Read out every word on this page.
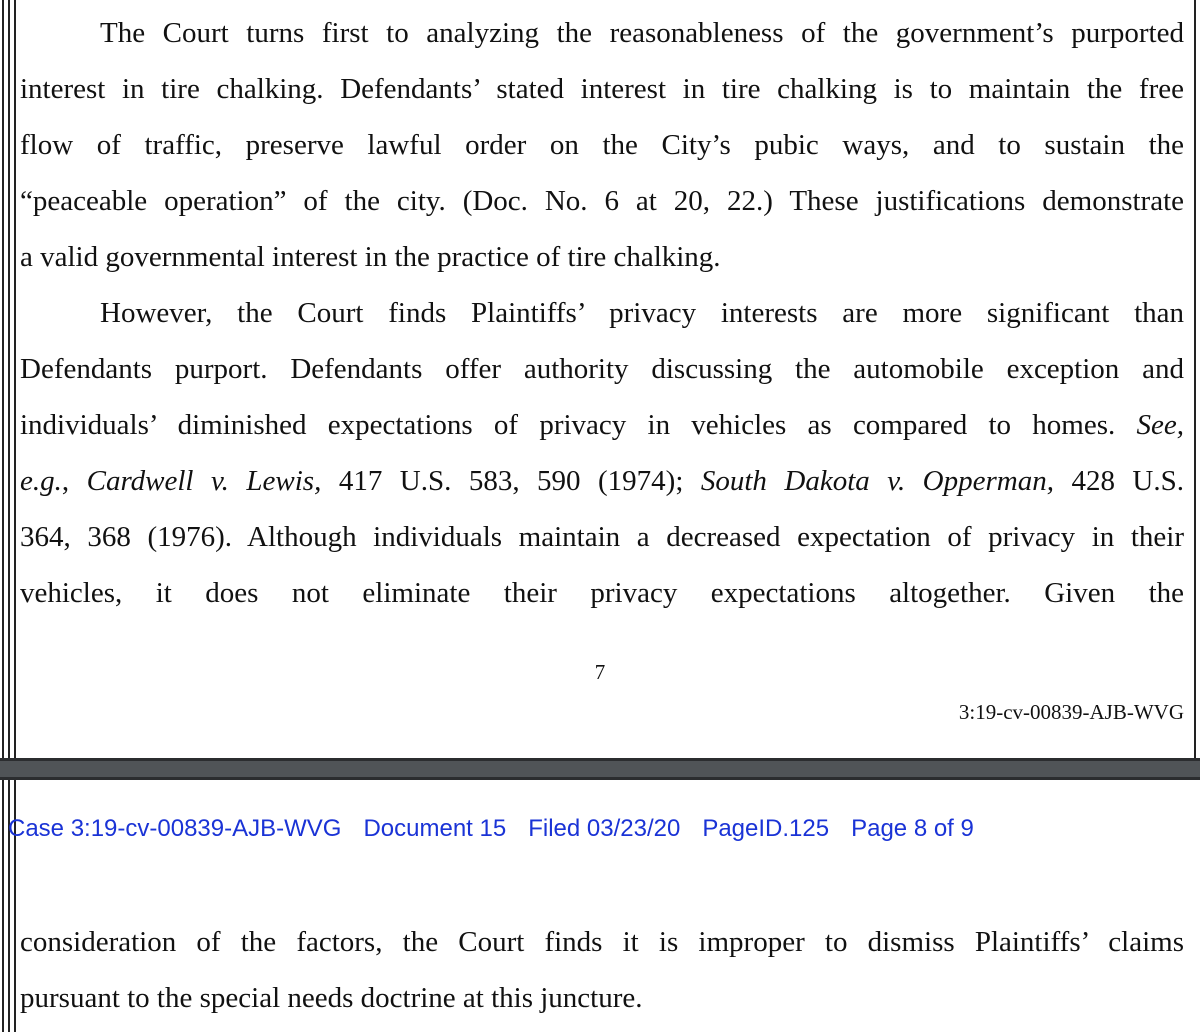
The Court turns first to analyzing the reasonableness of the government’s purported

interest in tire chalking. Defendants’ stated interest in tire chalking is to maintain the free

flow of traffic, preserve lawful order on the City’s pubic ways, and to sustain the

“peaceable operation” of the city. (Doc. No. 6 at 20, 22.) These justifications demonstrate

a valid governmental interest in the practice of tire chalking.

However, the Court finds Plaintiffs’ privacy interests are more significant than

Defendants purport. Defendants offer authority discussing the automobile exception and

individuals’ diminished expectations of privacy in vehicles as compared to homes. See,

e.g., Cardwell v. Lewis, 417 U.S. 583, 590 (1974); South Dakota v. Opperman, 428 U.S.

364, 368 (1976). Although individuals maintain a decreased expectation of privacy in their

vehicles, it does not eliminate their privacy expectations altogether. Given the

7
3:19-cv-00839-AJB-WVG
Case 3:19-cv-00839-AJB-WVG Document 15 Filed 03/23/20 PageID.125 Page 8 of 9

consideration of the factors, the Court finds it is improper to dismiss Plaintiffs’ claims

pursuant to the special needs doctrine at this juncture.
